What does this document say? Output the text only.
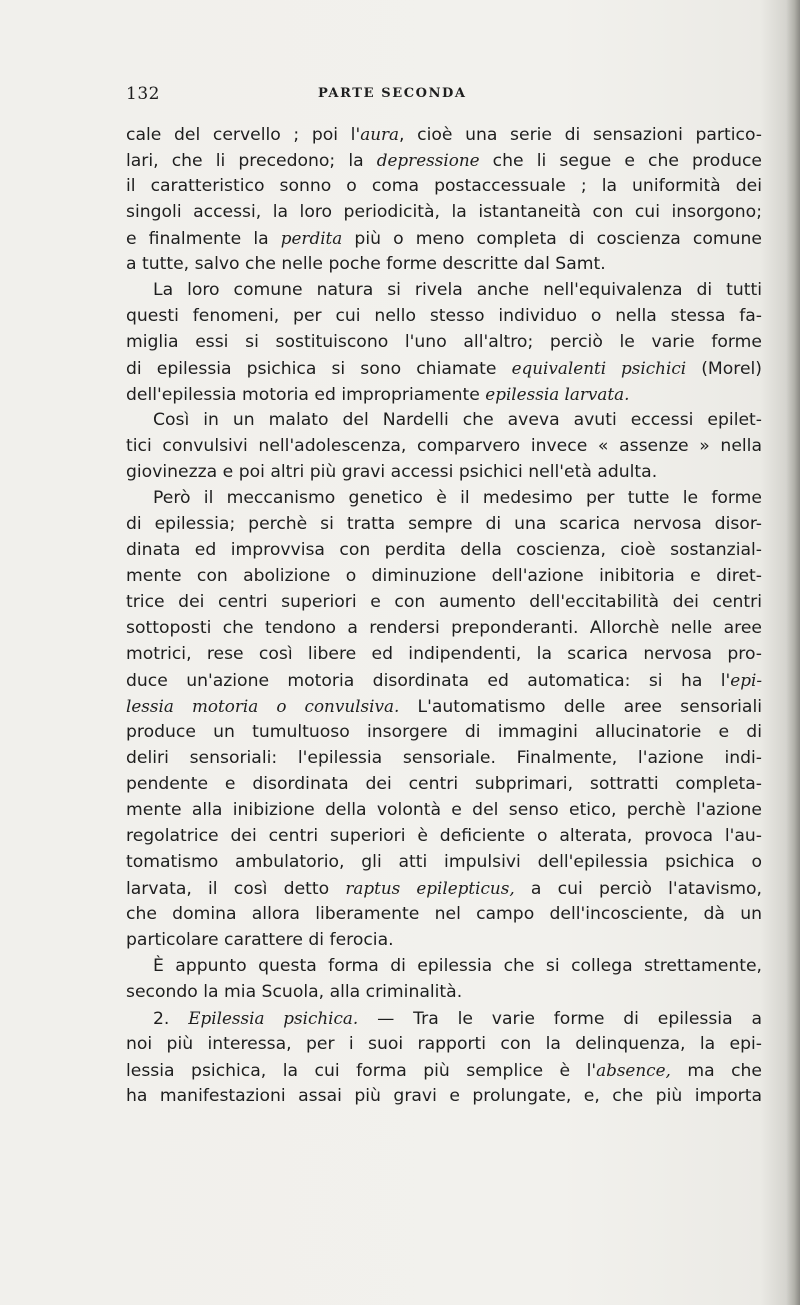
132	PARTE SECONDA
cale del cervello ; poi l'aura, cioè una serie di sensazioni partico-
lari, che li precedono; la depressione che li segue e che produce
il caratteristico sonno o coma postaccessuale ; la uniformità dei
singoli accessi, la loro periodicità, la istantaneità con cui insorgono;
e finalmente la perdita più o meno completa di coscienza comune
a tutte, salvo che nelle poche forme descritte dal Samt.
La loro comune natura si rivela anche nell'equivalenza di tutti
questi fenomeni, per cui nello stesso individuo o nella stessa fa-
miglia essi si sostituiscono l'uno all'altro; perciò le varie forme
di epilessia psichica si sono chiamate equivalenti psichici (Morel)
dell'epilessia motoria ed impropriamente epilessia larvata.
Così in un malato del Nardelli che aveva avuti eccessi epilet-
tici convulsivi nell'adolescenza, comparvero invece « assenze » nella
giovinezza e poi altri più gravi accessi psichici nell'età adulta.
Però il meccanismo genetico è il medesimo per tutte le forme
di epilessia; perchè si tratta sempre di una scarica nervosa disor-
dinata ed improvvisa con perdita della coscienza, cioè sostanzial-
mente con abolizione o diminuzione dell'azione inibitoria e diret-
trice dei centri superiori e con aumento dell'eccitabilità dei centri
sottoposti che tendono a rendersi preponderanti. Allorchè nelle aree
motrici, rese così libere ed indipendenti, la scarica nervosa pro-
duce un'azione motoria disordinata ed automatica: si ha l'epi-
lessia motoria o convulsiva. L'automatismo delle aree sensoriali
produce un tumultuoso insorgere di immagini allucinatorie e di
deliri sensoriali: l'epilessia sensoriale. Finalmente, l'azione indi-
pendente e disordinata dei centri subprimari, sottratti completa-
mente alla inibizione della volontà e del senso etico, perchè l'azione
regolatrice dei centri superiori è deficiente o alterata, provoca l'au-
tomatismo ambulatorio, gli atti impulsivi dell'epilessia psichica o
larvata, il così detto raptus epilepticus, a cui perciò l'atavismo,
che domina allora liberamente nel campo dell'incosciente, dà un
particolare carattere di ferocia.
È appunto questa forma di epilessia che si collega strettamente,
secondo la mia Scuola, alla criminalità.
2. Epilessia psichica. — Tra le varie forme di epilessia a
noi più interessa, per i suoi rapporti con la delinquenza, la epi-
lessia psichica, la cui forma più semplice è l'absence, ma che
ha manifestazioni assai più gravi e prolungate, e, che più importa
